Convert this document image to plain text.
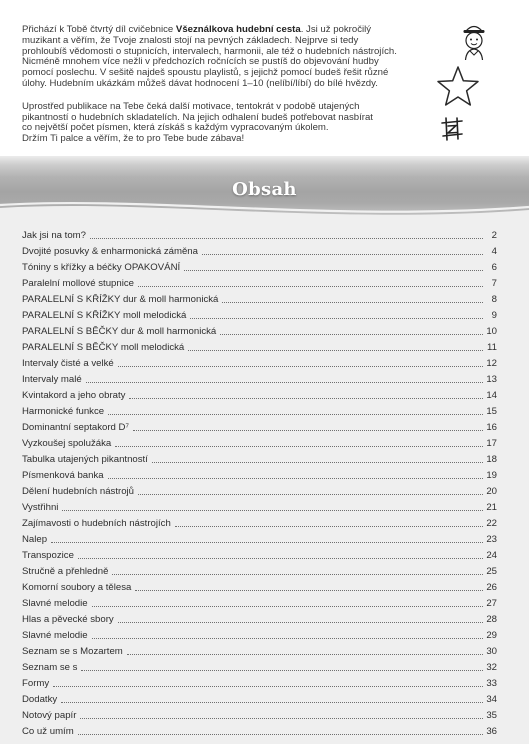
Přichází k Tobě čtvrtý díl cvičebnice Všeználkova hudební cesta. Jsi už pokročilý
muzikant a věřím, že Tvoje znalosti stojí na pevných základech. Nejprve si tedy
prohloubíš vědomosti o stupnicích, intervalech, harmonii, ale též o hudebních nástrojích.
Nicméně mnohem více nežli v předchozích ročnících se pustíš do objevování hudby
pomocí poslechu. V sešitě najdeš spoustu playlistů, s jejichž pomocí budeš řešit různé
úlohy. Hudebním ukázkám můžeš dávat hodnocení 1–10 (nelíbí/líbí) do bílé hvězdy.
Uprostřed publikace na Tebe čeká další motivace, tentokrát v podobě utajených
pikantností o hudebních skladatelích. Na jejich odhalení budeš potřebovat nasbírat
co největší počet písmen, která získáš s každým vypracovaným úkolem.
Držím Ti palce a věřím, že to pro Tebe bude zábava!
Obsah
Jak jsi na tom?	2
Dvojité posuvky & enharmonická záměna	4
Tóniny s křížky a béčky OPAKOVÁNÍ	6
Paralelní mollové stupnice	7
PARALELNÍ S KŘÍŽKY dur & moll harmonická	8
PARALELNÍ S KŘÍŽKY moll melodická	9
PARALELNÍ S BĚČKY dur & moll harmonická	10
PARALELNÍ S BĚČKY moll melodická	11
Intervaly čisté a velké	12
Intervaly malé	13
Kvintakord a jeho obraty	14
Harmonické funkce	15
Dominantní septakord D⁷	16
Vyzkoušej spolužáka	17
Tabulka utajených pikantností	18
Písmenková banka	19
Dělení hudebních nástrojů	20
Vystřihni	21
Zajímavosti o hudebních nástrojích	22
Nalep	23
Transpozice	24
Stručně a přehledně	25
Komorní soubory a tělesa	26
Slavné melodie	27
Hlas a pěvecké sbory	28
Slavné melodie	29
Seznam se s Mozartem	30
Seznam se s	32
Formy	33
Dodatky	34
Notový papír	35
Co už umím	36
